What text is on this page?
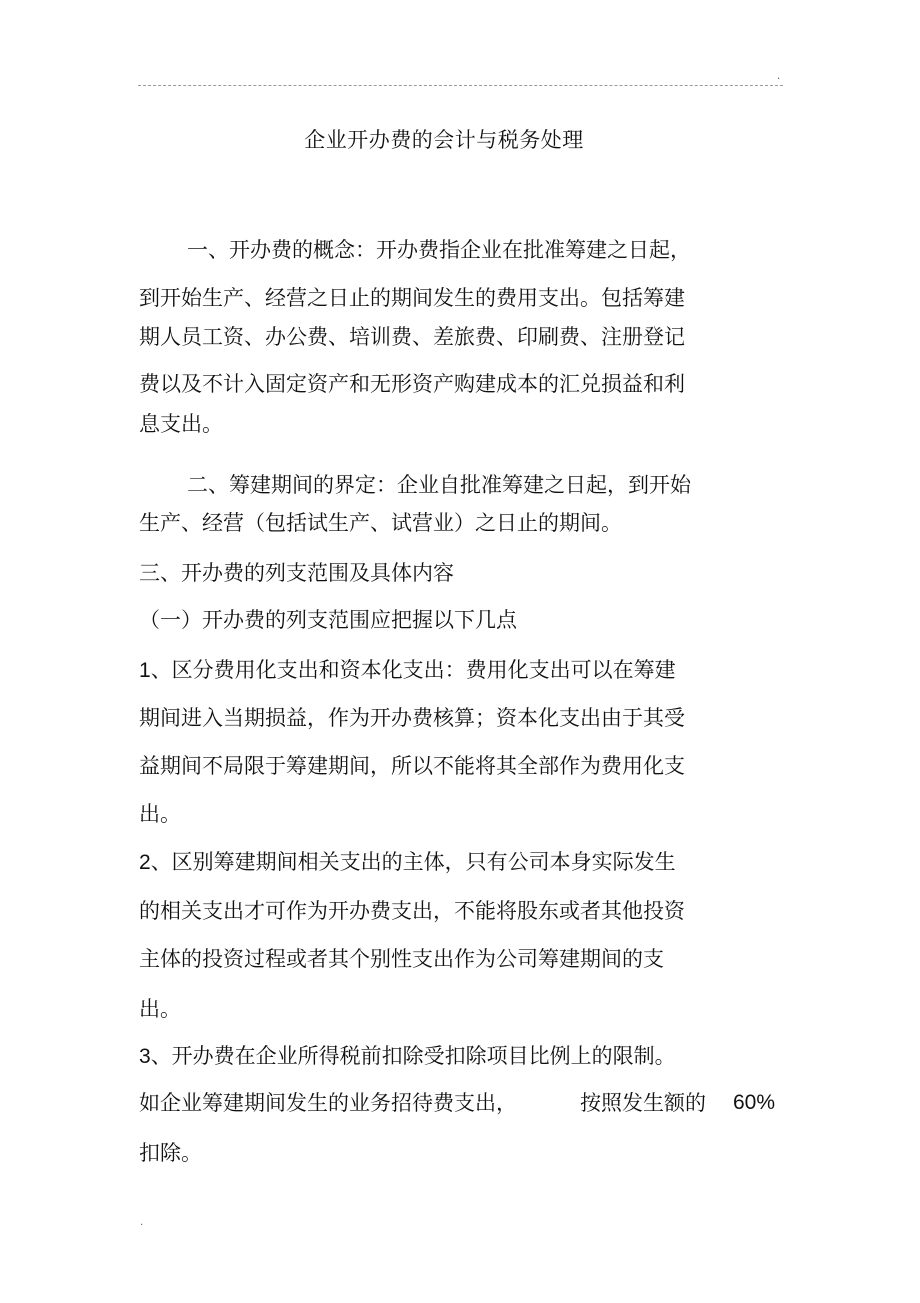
.
企业开办费的会计与税务处理
一、开办费的概念：开办费指企业在批准筹建之日起，
到开始生产、经营之日止的期间发生的费用支出。包括筹建
期人员工资、办公费、培训费、差旅费、印刷费、注册登记
费以及不计入固定资产和无形资产购建成本的汇兑损益和利
息支出。
二、筹建期间的界定：企业自批准筹建之日起，到开始
生产、经营（包括试生产、试营业）之日止的期间。
三、开办费的列支范围及具体内容
（一）开办费的列支范围应把握以下几点
1、区分费用化支出和资本化支出：费用化支出可以在筹建
期间进入当期损益，作为开办费核算；资本化支出由于其受
益期间不局限于筹建期间，所以不能将其全部作为费用化支
出。
2、区别筹建期间相关支出的主体，只有公司本身实际发生
的相关支出才可作为开办费支出，不能将股东或者其他投资
主体的投资过程或者其个别性支出作为公司筹建期间的支
出。
3、开办费在企业所得税前扣除受扣除项目比例上的限制。
如企业筹建期间发生的业务招待费支出，	按照发生额的 60%
扣除。
.
